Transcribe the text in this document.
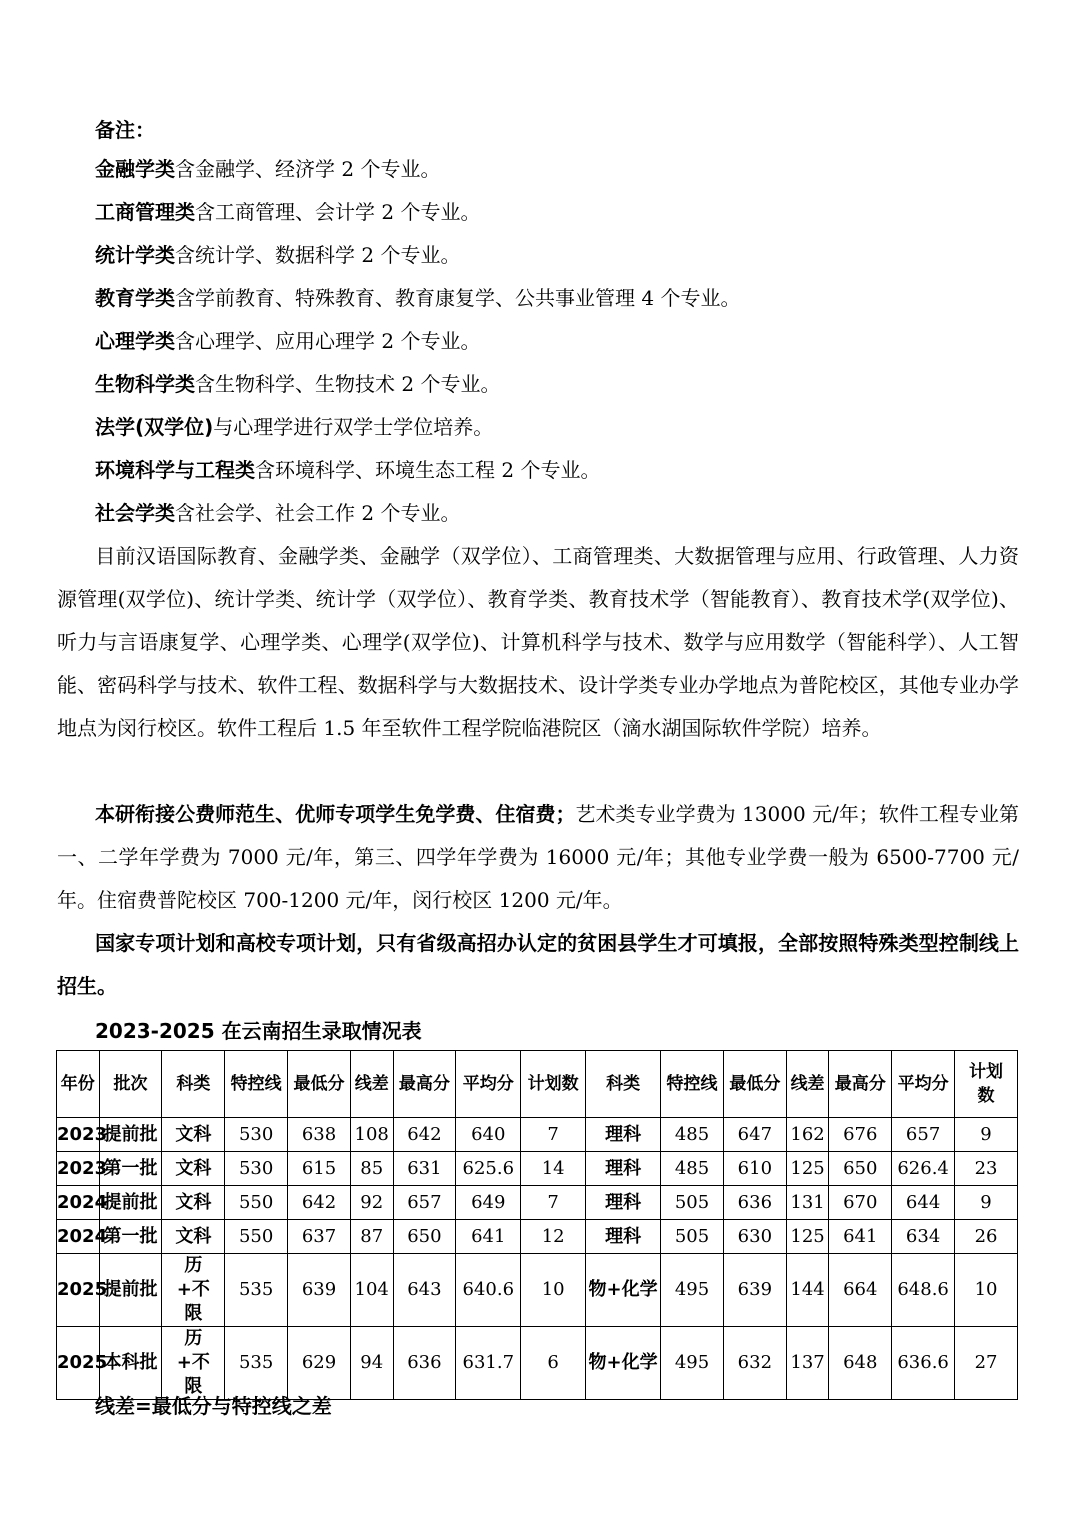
备注：
金融学类含金融学、经济学 2 个专业。
工商管理类含工商管理、会计学 2 个专业。
统计学类含统计学、数据科学 2 个专业。
教育学类含学前教育、特殊教育、教育康复学、公共事业管理 4 个专业。
心理学类含心理学、应用心理学 2 个专业。
生物科学类含生物科学、生物技术 2 个专业。
法学(双学位)与心理学进行双学士学位培养。
环境科学与工程类含环境科学、环境生态工程 2 个专业。
社会学类含社会学、社会工作 2 个专业。
目前汉语国际教育、金融学类、金融学（双学位）、工商管理类、大数据管理与应用、行政管理、人力资源管理(双学位)、统计学类、统计学（双学位）、教育学类、教育技术学（智能教育）、教育技术学(双学位)、听力与言语康复学、心理学类、心理学(双学位)、计算机科学与技术、数学与应用数学（智能科学）、人工智能、密码科学与技术、软件工程、数据科学与大数据技术、设计学类专业办学地点为普陀校区，其他专业办学地点为闵行校区。软件工程后 1.5 年至软件工程学院临港院区（滴水湖国际软件学院）培养。
本研衔接公费师范生、优师专项学生免学费、住宿费；艺术类专业学费为 13000 元/年；软件工程专业第一、二学年学费为 7000 元/年，第三、四学年学费为 16000 元/年；其他专业学费一般为 6500-7700 元/年。住宿费普陀校区 700-1200 元/年，闵行校区 1200 元/年。
国家专项计划和高校专项计划，只有省级高招办认定的贫困县学生才可填报，全部按照特殊类型控制线上招生。
2023-2025 在云南招生录取情况表
年份	批次	科类	特控线	最低分	线差	最高分	平均分	计划数	科类	特控线	最低分	线差	最高分	平均分	计划数
2023	提前批	文科	530	638	108	642	640	7	理科	485	647	162	676	657	9
2023	第一批	文科	530	615	85	631	625.6	14	理科	485	610	125	650	626.4	23
2024	提前批	文科	550	642	92	657	649	7	理科	505	636	131	670	644	9
2024	第一批	文科	550	637	87	650	641	12	理科	505	630	125	641	634	26
2025	提前批	历+不限	535	639	104	643	640.6	10	物+化学	495	639	144	664	648.6	10
2025	本科批	历+不限	535	629	94	636	631.7	6	物+化学	495	632	137	648	636.6	27
线差=最低分与特控线之差
